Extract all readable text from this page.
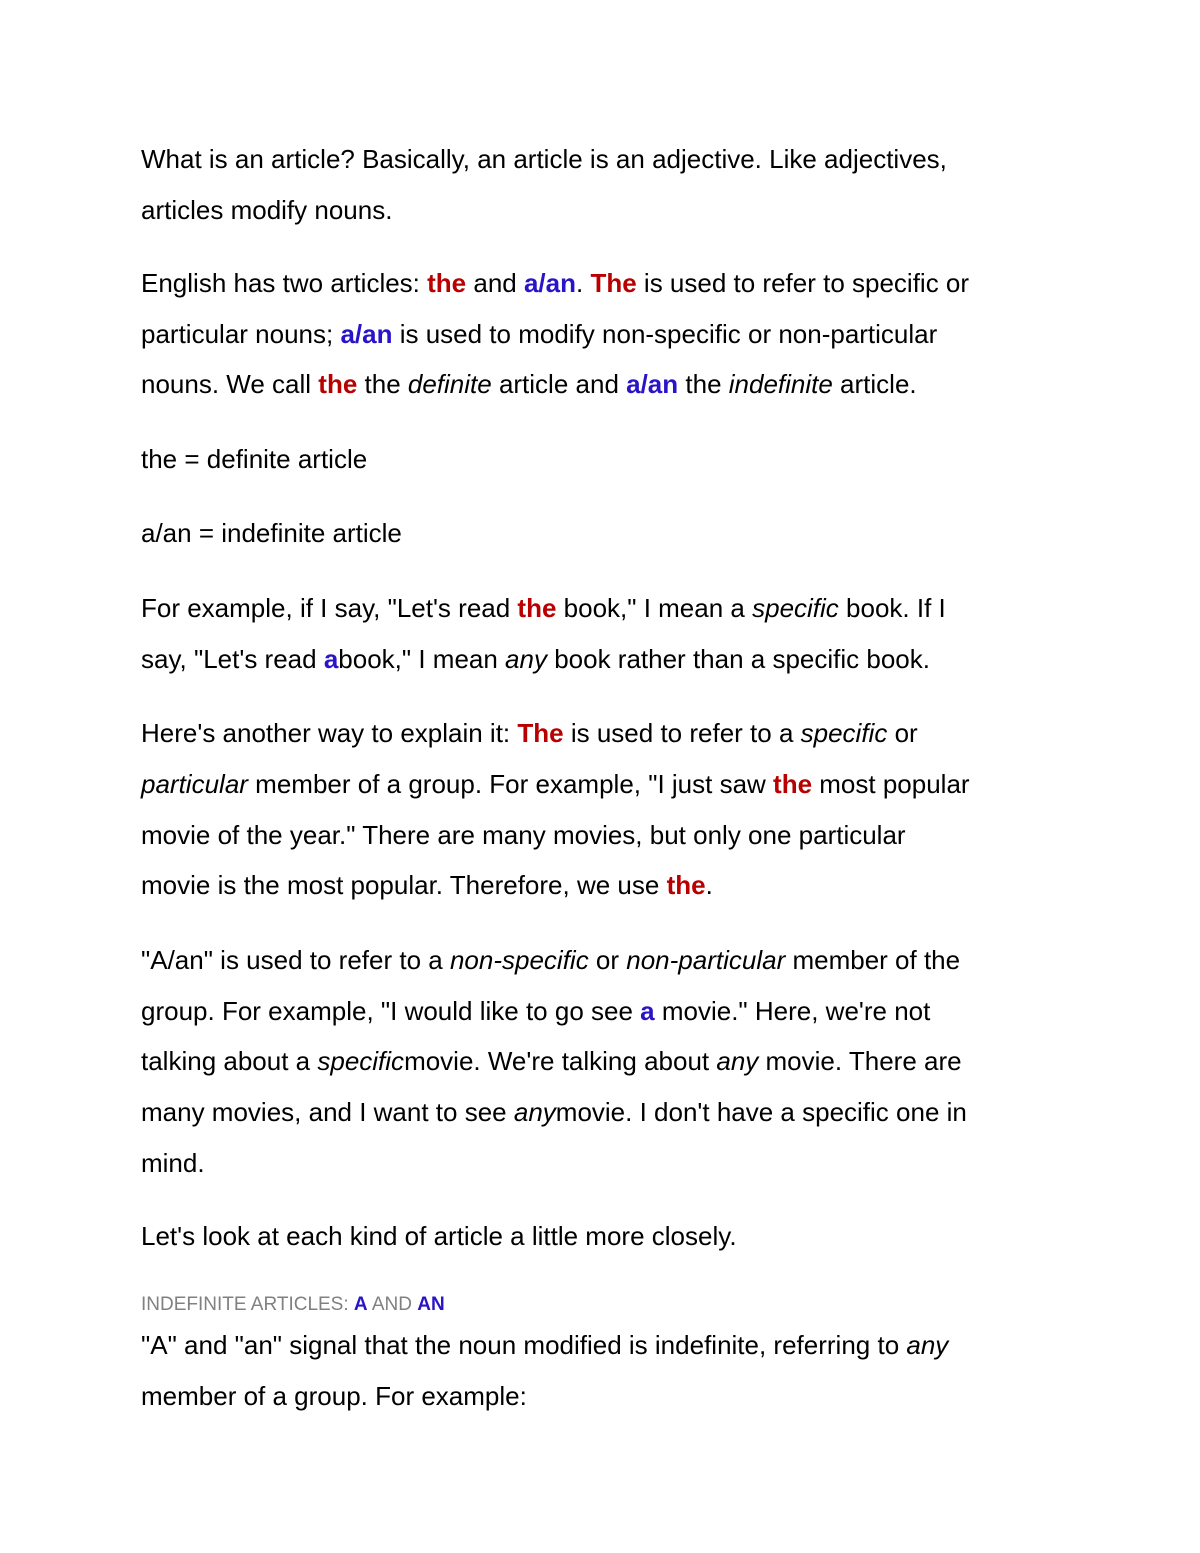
What is an article? Basically, an article is an adjective. Like adjectives,
articles modify nouns.
English has two articles: the and a/an. The is used to refer to specific or
particular nouns; a/an is used to modify non-specific or non-particular
nouns. We call the the definite article and a/an the indefinite article.
the = definite article
a/an = indefinite article
For example, if I say, "Let's read the book," I mean a specific book. If I
say, "Let's read abook," I mean any book rather than a specific book.
Here's another way to explain it: The is used to refer to a specific or
particular member of a group. For example, "I just saw the most popular
movie of the year." There are many movies, but only one particular
movie is the most popular. Therefore, we use the.
"A/an" is used to refer to a non-specific or non-particular member of the
group. For example, "I would like to go see a movie." Here, we're not
talking about a specificmovie. We're talking about any movie. There are
many movies, and I want to see anymovie. I don't have a specific one in
mind.
Let's look at each kind of article a little more closely.
INDEFINITE ARTICLES: A AND AN
"A" and "an" signal that the noun modified is indefinite, referring to any
member of a group. For example:
